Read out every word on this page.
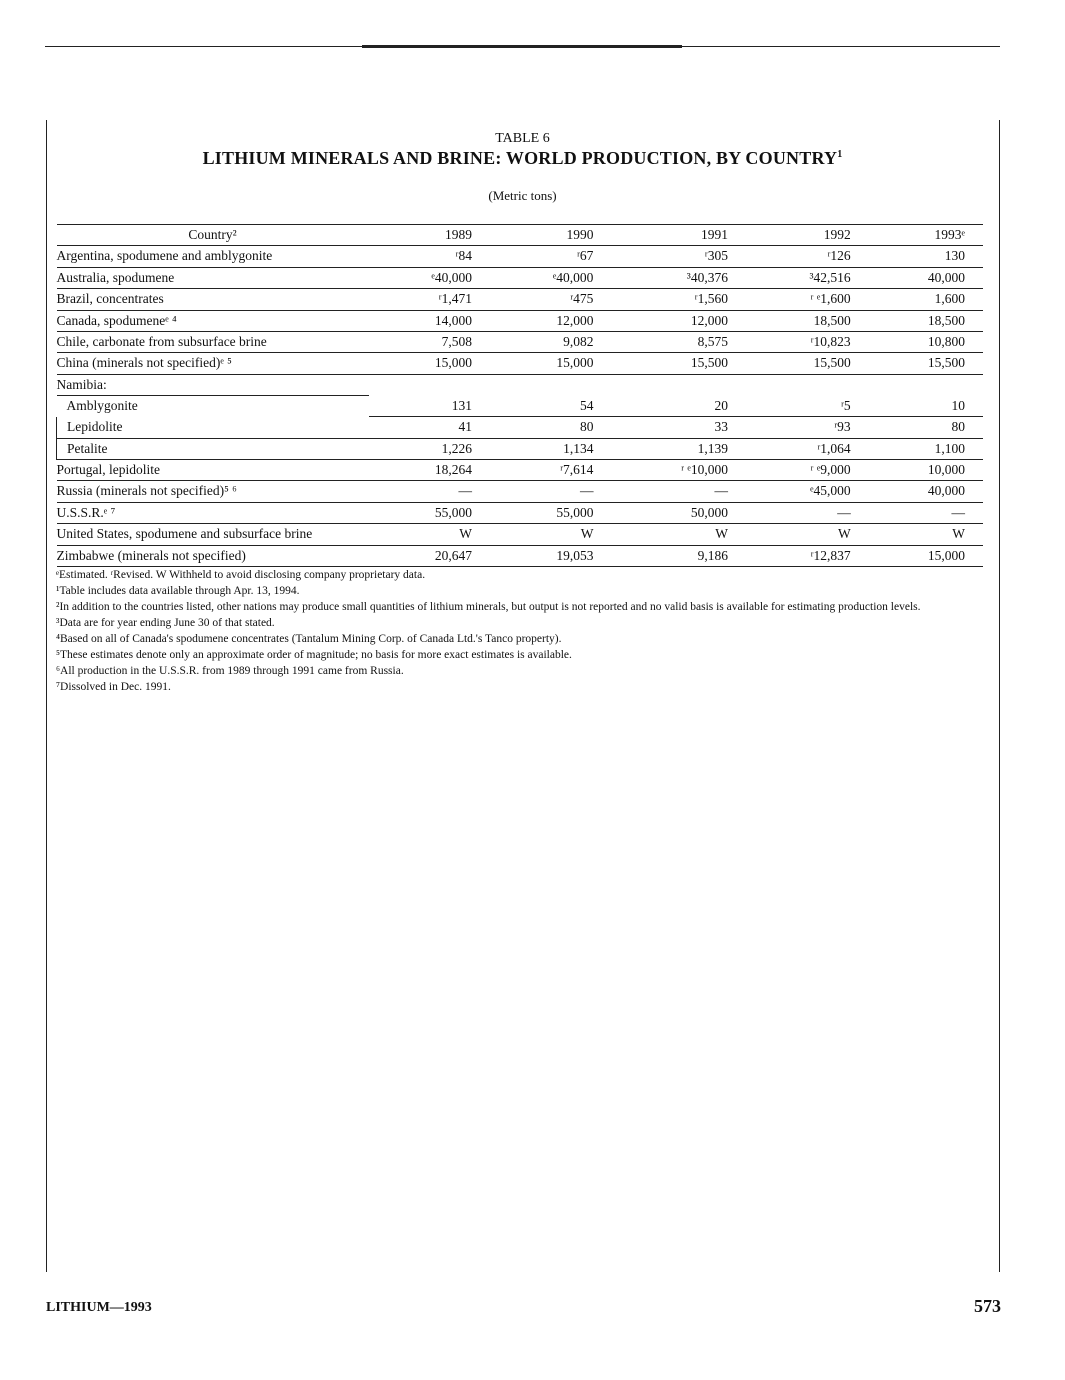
TABLE 6
LITHIUM MINERALS AND BRINE: WORLD PRODUCTION, BY COUNTRY$^1$
(Metric tons)
Country²	1989	1990	1991	1992	1993ᵉ
Argentina, spodumene and amblygonite	ʳ84	ʳ67	ʳ305	ʳ126	130
Australia, spodumene	ᵉ40,000	ᵉ40,000	³40,376	³42,516	40,000
Brazil, concentrates	ʳ1,471	ʳ475	ʳ1,560	ʳ ᵉ1,600	1,600
Canada, spodumeneᵉ ⁴	14,000	12,000	12,000	18,500	18,500
Chile, carbonate from subsurface brine	7,508	9,082	8,575	ʳ10,823	10,800
China (minerals not specified)ᵉ ⁵	15,000	15,000	15,500	15,500	15,500
Namibia:					
Amblygonite	131	54	20	ʳ5	10
Lepidolite	41	80	33	ʳ93	80
Petalite	1,226	1,134	1,139	ʳ1,064	1,100
Portugal, lepidolite	18,264	ʳ7,614	ʳ ᵉ10,000	ʳ ᵉ9,000	10,000
Russia (minerals not specified)⁵ ⁶	—	—	—	ᵉ45,000	40,000
U.S.S.R.ᵉ ⁷	55,000	55,000	50,000	—	—
United States, spodumene and subsurface brine	W	W	W	W	W
Zimbabwe (minerals not specified)	20,647	19,053	9,186	ʳ12,837	15,000

ᵉEstimated. ʳRevised. W Withheld to avoid disclosing company proprietary data.

¹Table includes data available through Apr. 13, 1994.

²In addition to the countries listed, other nations may produce small quantities of lithium minerals, but output is not reported and no valid basis is available for estimating production levels.

³Data are for year ending June 30 of that stated.

⁴Based on all of Canada's spodumene concentrates (Tantalum Mining Corp. of Canada Ltd.'s Tanco property).

⁵These estimates denote only an approximate order of magnitude; no basis for more exact estimates is available.

⁶All production in the U.S.S.R. from 1989 through 1991 came from Russia.

⁷Dissolved in Dec. 1991.

LITHIUM—1993	573
